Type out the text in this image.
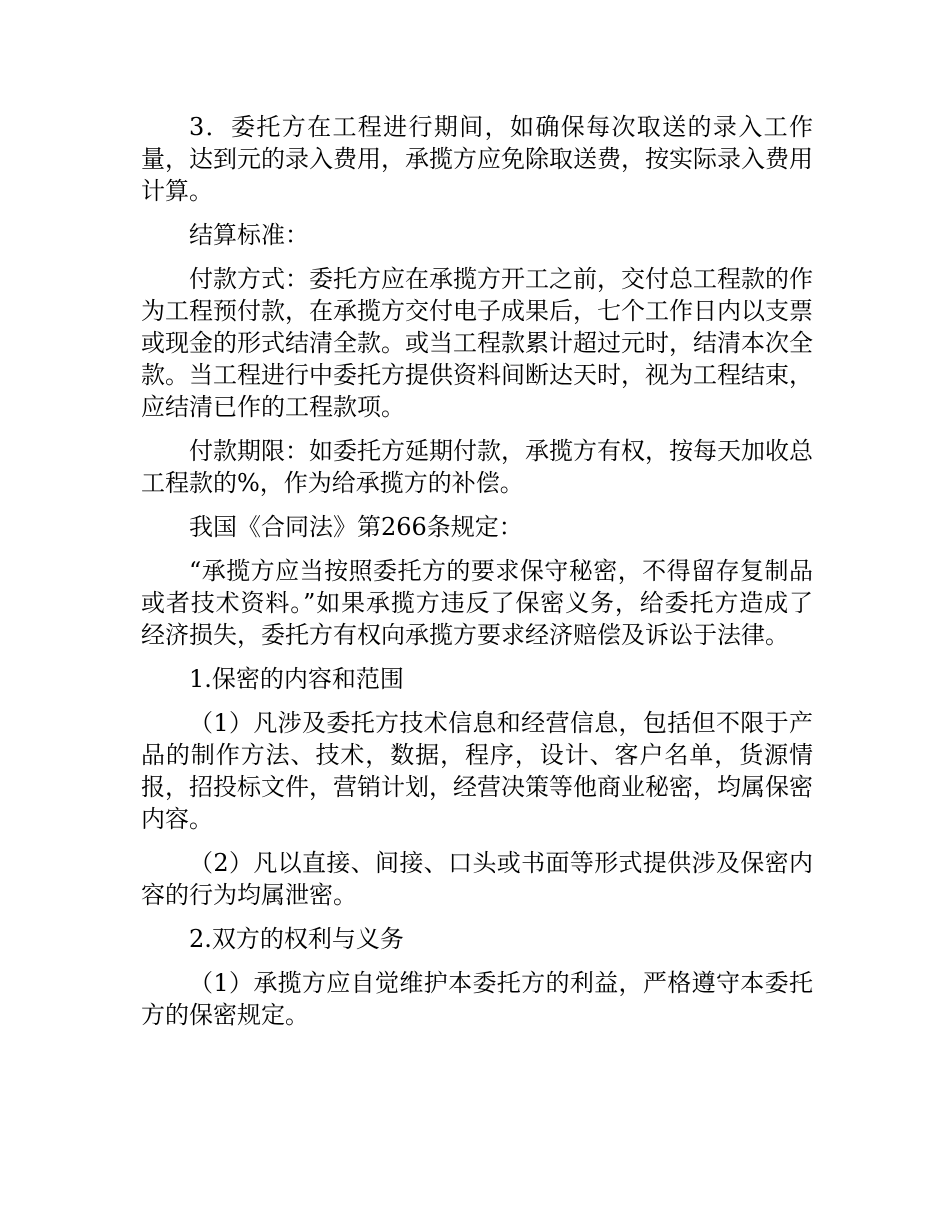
3．委托方在工程进行期间，如确保每次取送的录入工作量，达到元的录入费用，承揽方应免除取送费，按实际录入费用计算。

结算标准：

付款方式：委托方应在承揽方开工之前，交付总工程款的作为工程预付款，在承揽方交付电子成果后，七个工作日内以支票或现金的形式结清全款。或当工程款累计超过元时，结清本次全款。当工程进行中委托方提供资料间断达天时，视为工程结束，应结清已作的工程款项。

付款期限：如委托方延期付款，承揽方有权，按每天加收总工程款的%，作为给承揽方的补偿。

我国《合同法》第266条规定：

“承揽方应当按照委托方的要求保守秘密，不得留存复制品或者技术资料。”如果承揽方违反了保密义务，给委托方造成了经济损失，委托方有权向承揽方要求经济赔偿及诉讼于法律。

1.保密的内容和范围

（1）凡涉及委托方技术信息和经营信息，包括但不限于产品的制作方法、技术，数据，程序，设计、客户名单，货源情报，招投标文件，营销计划，经营决策等他商业秘密，均属保密内容。

（2）凡以直接、间接、口头或书面等形式提供涉及保密内容的行为均属泄密。

2.双方的权利与义务

（1）承揽方应自觉维护本委托方的利益，严格遵守本委托方的保密规定。
